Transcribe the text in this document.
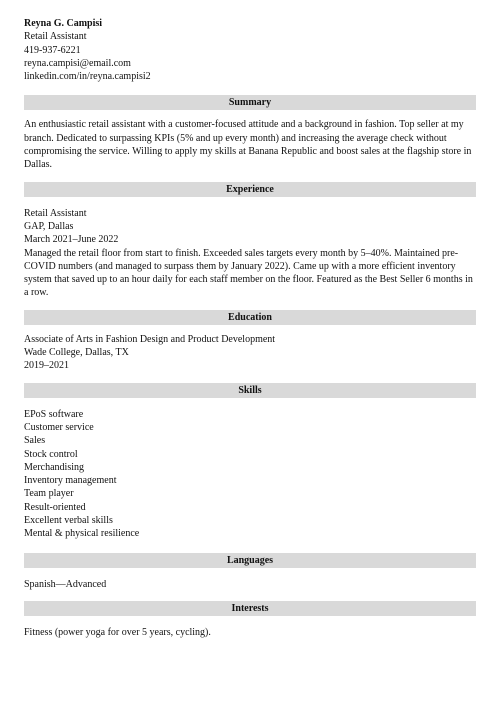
Reyna G. Campisi
Retail Assistant
419-937-6221
reyna.campisi@email.com
linkedin.com/in/reyna.campisi2
Summary

An enthusiastic retail assistant with a customer-focused attitude and a background in fashion. Top seller at my branch. Dedicated to surpassing KPIs (5% and up every month) and increasing the average check without compromising the service. Willing to apply my skills at Banana Republic and boost sales at the flagship store in Dallas.

Experience
Retail Assistant
GAP, Dallas
March 2021–June 2022

Managed the retail floor from start to finish. Exceeded sales targets every month by 5–40%. Maintained pre-COVID numbers (and managed to surpass them by January 2022). Came up with a more efficient inventory system that saved up to an hour daily for each staff member on the floor. Featured as the Best Seller 6 months in a row.

Education
Associate of Arts in Fashion Design and Product Development
Wade College, Dallas, TX
2019–2021
Skills
EPoS software
Customer service
Sales
Stock control
Merchandising
Inventory management
Team player
Result-oriented
Excellent verbal skills
Mental & physical resilience
Languages
Spanish—Advanced
Interests
Fitness (power yoga for over 5 years, cycling).
